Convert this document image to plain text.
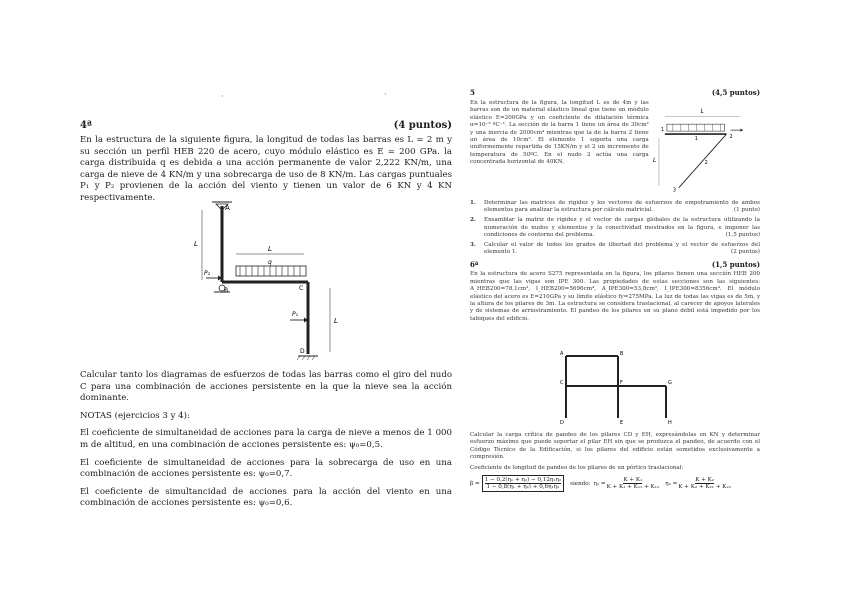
·	·
4ª	(4 puntos)

En la estructura de la siguiente figura, la longitud de todas las barras es L = 2 m y su sección un perfil HEB 220 de acero, cuyo módulo elástico es E = 200 GPa. la carga distribuida q es debida a una acción permanente de valor 2,222 KN/m, una carga de nieve de 4 KN/m y una sobrecarga de uso de 8 KN/m. Las cargas puntuales P₁ y P₂ provienen de la acción del viento y tienen un valor de 6 KN y 4 KN respectivamente.

A
L
L
P₂
q
B	C
P₁
L
D

Calcular tanto los diagramas de esfuerzos de todas las barras como el giro del nudo C para una combinación de acciones persistente en la que la nieve sea la acción dominante.

NOTAS (ejercicios 3 y 4):

El coeficiente de simultaneidad de acciones para la carga de nieve a menos de 1 000 m de altitud, en una combinación de acciones persistente es: ψ₀=0,5.

El coeficiente de simultaneidad de acciones para la sobrecarga de uso en una combinación de acciones persistente es: ψ₀=0,7.

El coeficiente de simultancidad de acciones para la acción del viento en una combinación de acciones persistente es: ψ₀=0,6.

5	(4,5 puntos)

En la estructura de la figura, la longitud L es de 4m y las barras son de un material elástico lineal que tiene un módulo elástico E=200GPa y un coeficiente de dilatación térmica α=10⁻⁵ ºC⁻¹. La sección de la barra 1 tiene un área de 30cm² y una inercia de 2000cm⁴ mientras que la de la barra 2 tiene un área de 10cm². El elemento 1 soporta una carga uniformemente repartida de 15KN/m y el 2 un incremento de temperatura de 50ºC. En el nudo 2 actúa una carga concentrada horizontal de 40KN.

L
1
2
1
3
2
L
1.	Determinar las matrices de rigidez y los vectores de esfuerzos de empotramiento de ambos elementos para analizar la estructura por cálculo matricial.	(1 punto)
2.	Ensamblar la matriz de rigidez y el vector de cargas globales de la estructura utilizando la numeración de nudos y elementos y la conectividad mostrados en la figura, e imponer las condiciones de contorno del problema.	(1,5 puntos)
3.	Calcular el valor de todos los grados de libertad del problema y el vector de esfuerzos del elemento 1.	(2 puntos)
6ª	(1,5 puntos)

En la estructura de acero S275 representada en la figura, los pilares tienen una sección HEB 200 mientras que las vigas son IPE 300. Las propiedades de estas secciones son las siguientes: A_HEB200=78,1cm², I_HEB200=5696cm⁴, A_IPE300=53,8cm², I_IPE300=8356cm⁴. El módulo elástico del acero es E=210GPa y su límite elástico fy=275MPa. La luz de todas las vigas es de 5m, y la altura de los pilares de 3m. La estructura se considera traslacional, al carecer de apoyos laterales y de sistemas de arriostramiento. El pandeo de los pilares en su plano débil está impedido por los tabiques del edificio.

A	B
C	F	G
E
D	H

Calcular la carga crítica de pandeo de los pilares CD y EH, expresándolas en KN y determinar esfuerzo máximo que puede soportar el pilar EH sin que se produzca el pandeo, de acuerdo con el Código Técnico de la Edificación, si los pilares del edificio están sometidos exclusivamente a compresión.

Coeficiente de longitud de pandeo de los pilares de un pórtico traslacional:

$\beta = \frac{\text{1 − 0,2(η₁ + η₂) − 0,12η₁η₂}}{\text{1 − 0,8(η₁ + η₂) + 0,6η₁η₂}}$ siendo: $\eta_1 = \frac{\text{K + K₁}}{\text{K + K₁ + K₁₁ + K₁₂}} \eta_2 = \frac{\text{K + K₂}}{\text{K + K₂ + K₂₁ + K₂₂}}$
